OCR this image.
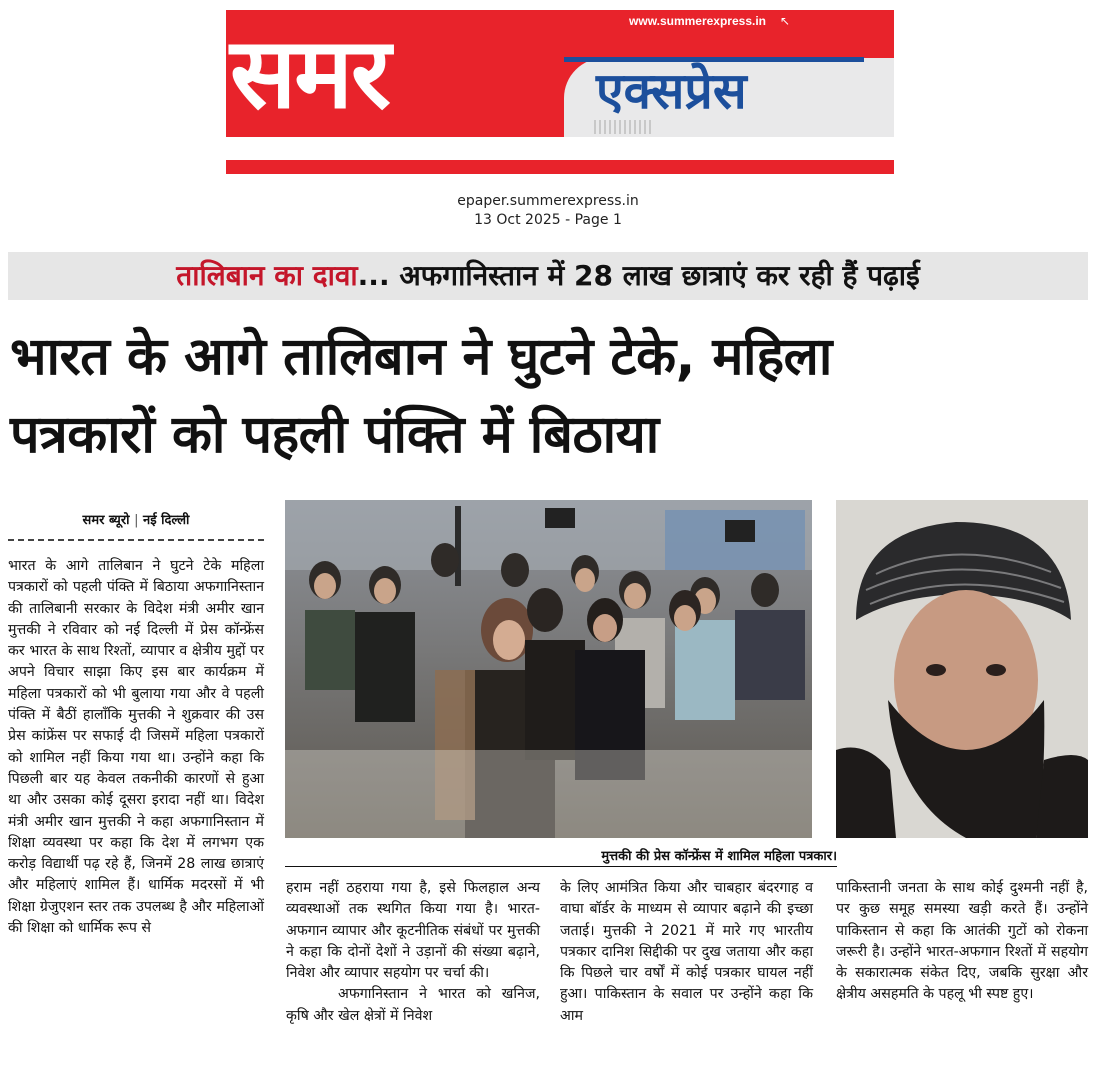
समर	www.summerexpress.in ↖
एक्सप्रेस
epaper.summerexpress.in
13 Oct 2025 - Page 1
तालिबान का दावा... अफगानिस्तान में 28 लाख छात्राएं कर रही हैं पढ़ाई
भारत के आगे तालिबान ने घुटने टेके, महिला
पत्रकारों को पहली पंक्ति में बिठाया
समर ब्यूरो | नई दिल्ली

भारत के आगे तालिबान ने घुटने टेके महिला पत्रकारों को पहली पंक्ति में बिठाया अफगानिस्तान की तालिबानी सरकार के विदेश मंत्री अमीर खान मुत्तकी ने रविवार को नई दिल्ली में प्रेस कॉन्फ्रेंस कर भारत के साथ रिश्तों, व्यापार व क्षेत्रीय मुद्दों पर अपने विचार साझा किए इस बार कार्यक्रम में महिला पत्रकारों को भी बुलाया गया और वे पहली पंक्ति में बैठीं हालाँकि मुत्तकी ने शुक्रवार की उस प्रेस कांफ्रेंस पर सफाई दी जिसमें महिला पत्रकारों को शामिल नहीं किया गया था। उन्होंने कहा कि पिछली बार यह केवल तकनीकी कारणों से हुआ था और उसका कोई दूसरा इरादा नहीं था। विदेश मंत्री अमीर खान मुत्तकी ने कहा अफगानिस्तान में शिक्षा व्यवस्था पर कहा कि देश में लगभग एक करोड़ विद्यार्थी पढ़ रहे हैं, जिनमें 28 लाख छात्राएं और महिलाएं शामिल हैं। धार्मिक मदरसों में भी शिक्षा ग्रेजुएशन स्तर तक उपलब्ध है और महिलाओं की शिक्षा को धार्मिक रूप से

मुत्तकी की प्रेस कॉन्फ्रेंस में शामिल महिला पत्रकार।

हराम नहीं ठहराया गया है, इसे फिलहाल अन्य व्यवस्थाओं तक स्थगित किया गया है। भारत-अफगान व्यापार और कूटनीतिक संबंधों पर मुत्तकी ने कहा कि दोनों देशों ने उड़ानों की संख्या बढ़ाने, निवेश और व्यापार सहयोग पर चर्चा की।

अफगानिस्तान ने भारत को खनिज, कृषि और खेल क्षेत्रों में निवेश

के लिए आमंत्रित किया और चाबहार बंदरगाह व वाघा बॉर्डर के माध्यम से व्यापार बढ़ाने की इच्छा जताई। मुत्तकी ने 2021 में मारे गए भारतीय पत्रकार दानिश सिद्दीकी पर दुख जताया और कहा कि पिछले चार वर्षों में कोई पत्रकार घायल नहीं हुआ। पाकिस्तान के सवाल पर उन्होंने कहा कि आम

पाकिस्तानी जनता के साथ कोई दुश्मनी नहीं है, पर कुछ समूह समस्या खड़ी करते हैं। उन्होंने पाकिस्तान से कहा कि आतंकी गुटों को रोकना जरूरी है। उन्होंने भारत-अफगान रिश्तों में सहयोग के सकारात्मक संकेत दिए, जबकि सुरक्षा और क्षेत्रीय असहमति के पहलू भी स्पष्ट हुए।
